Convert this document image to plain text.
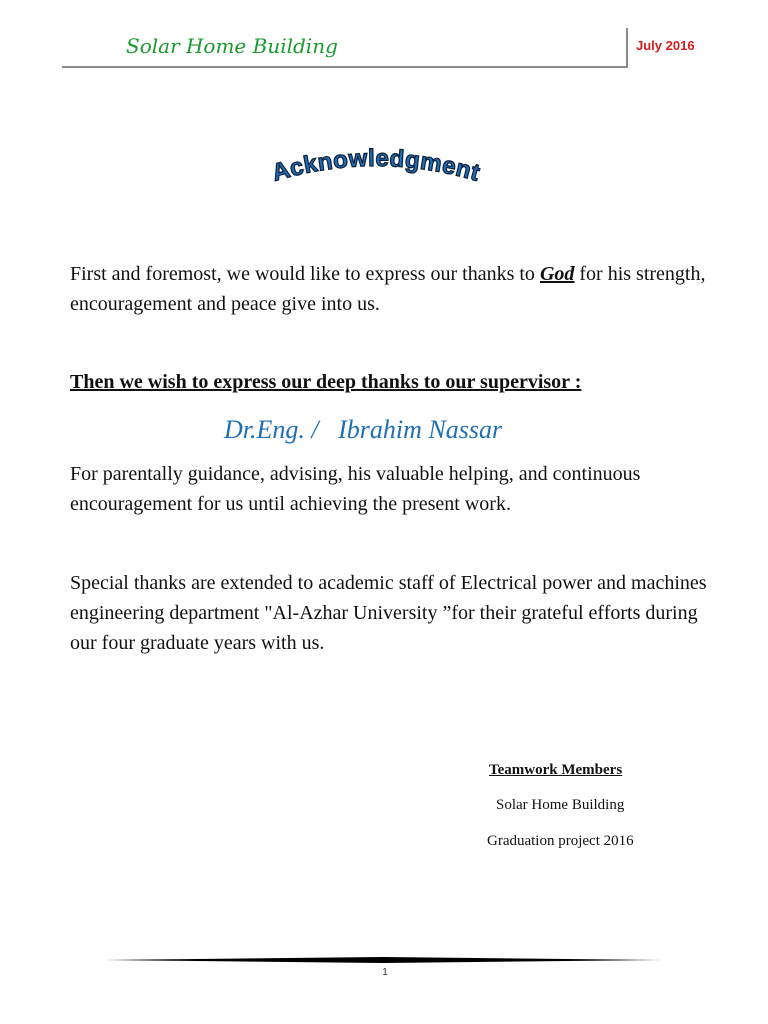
Solar Home Building	July 2016
Acknowledgment
First and foremost, we would like to express our thanks to God for his strength, encouragement and peace give into us.
Then we wish to express our deep thanks to our supervisor :
Dr.Eng. /   Ibrahim Nassar
For parentally guidance, advising, his valuable helping, and continuous encouragement for us until achieving the present work.
Special thanks are extended to academic staff of Electrical power and machines engineering department "Al-Azhar University ”for their grateful efforts during our four graduate years with us.
Teamwork Members
Solar Home Building
Graduation project 2016
1
